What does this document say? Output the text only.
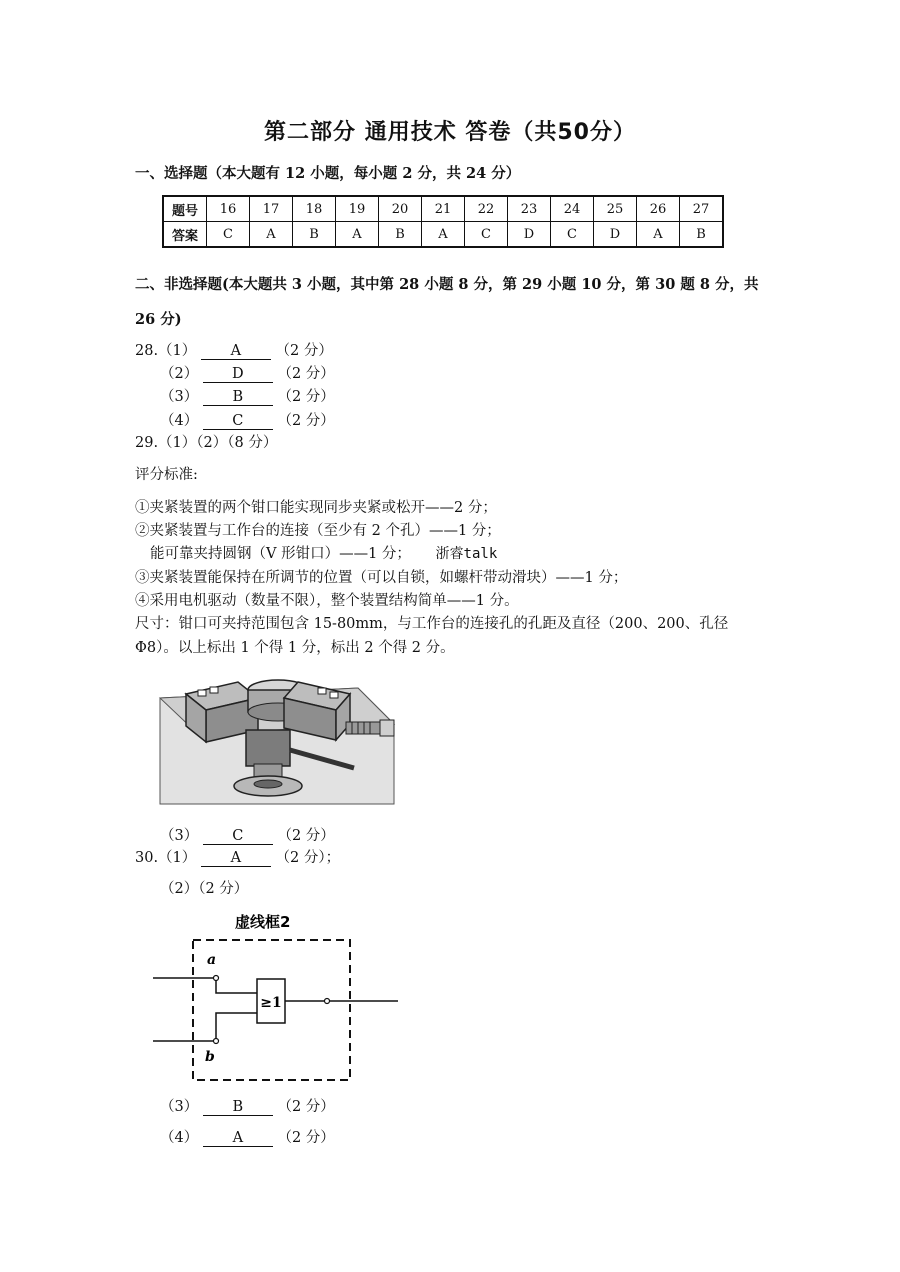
第二部分 通用技术 答卷（共50分）
一、选择题（本大题有 12 小题，每小题 2 分，共 24 分）
题号	16	17	18	19	20	21	22	23	24	25	26	27
答案	C	A	B	A	B	A	C	D	C	D	A	B
二、非选择题(本大题共 3 小题，其中第 28 小题 8 分，第 29 小题 10 分，第 30 题 8 分，共
26 分)
28.（1） A （2 分）
（2） D （2 分）
（3） B （2 分）
（4） C （2 分）
29.（1）（2）（8 分）
评分标准:
①夹紧装置的两个钳口能实现同步夹紧或松开——2 分；
②夹紧装置与工作台的连接（至少有 2 个孔）——1 分；
能可靠夹持圆钢（V 形钳口）——1 分； 浙睿talk
③夹紧装置能保持在所调节的位置（可以自锁，如螺杆带动滑块）——1 分；
④采用电机驱动（数量不限），整个装置结构简单——1 分。
尺寸：钳口可夹持范围包含 15-80mm，与工作台的连接孔的孔距及直径（200、200、孔径
Φ8）。以上标出 1 个得 1 分，标出 2 个得 2 分。
（3） C （2 分）
30.（1） A （2 分）；
（2）（2 分）
虚线框2
a
b
≥1
（3） B （2 分）
（4） A （2 分）
